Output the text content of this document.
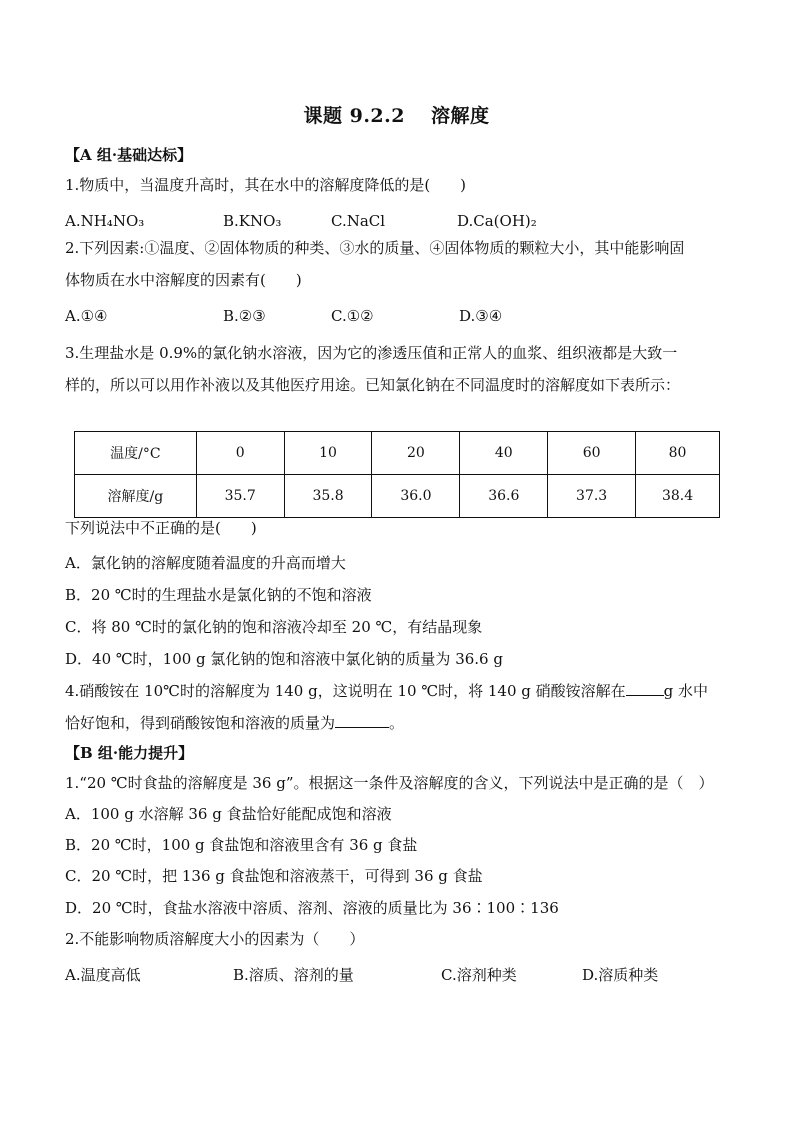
课题 9.2.2 溶解度
【A 组·基础达标】
1.物质中，当温度升高时，其在水中的溶解度降低的是(　　)
A.NH₄NO₃	B.KNO₃	C.NaCl	D.Ca(OH)₂
2.下列因素:①温度、②固体物质的种类、③水的质量、④固体物质的颗粒大小，其中能影响固
体物质在水中溶解度的因素有(　　)
A.①④	B.②③	C.①②	D.③④
3.生理盐水是 0.9%的氯化钠水溶液，因为它的渗透压值和正常人的血浆、组织液都是大致一
样的，所以可以用作补液以及其他医疗用途。已知氯化钠在不同温度时的溶解度如下表所示：
温度/°C	0	10	20	40	60	80
溶解度/g	35.7	35.8	36.0	36.6	37.3	38.4
下列说法中不正确的是(　　)
A．氯化钠的溶解度随着温度的升高而增大
B．20 ℃时的生理盐水是氯化钠的不饱和溶液
C．将 80 ℃时的氯化钠的饱和溶液冷却至 20 ℃，有结晶现象
D．40 ℃时，100 g 氯化钠的饱和溶液中氯化钠的质量为 36.6 g
4.硝酸铵在 10℃时的溶解度为 140 g，这说明在 10 ℃时，将 140 g 硝酸铵溶解在	g 水中
恰好饱和，得到硝酸铵饱和溶液的质量为	。
【B 组·能力提升】
1.“20 ℃时食盐的溶解度是 36 g”。根据这一条件及溶解度的含义，下列说法中是正确的是（　）
A．100 g 水溶解 36 g 食盐恰好能配成饱和溶液
B．20 ℃时，100 g 食盐饱和溶液里含有 36 g 食盐
C．20 ℃时，把 136 g 食盐饱和溶液蒸干，可得到 36 g 食盐
D．20 ℃时，食盐水溶液中溶质、溶剂、溶液的质量比为 36∶100∶136
2.不能影响物质溶解度大小的因素为（　　）
A.温度高低	B.溶质、溶剂的量	C.溶剂种类	D.溶质种类
